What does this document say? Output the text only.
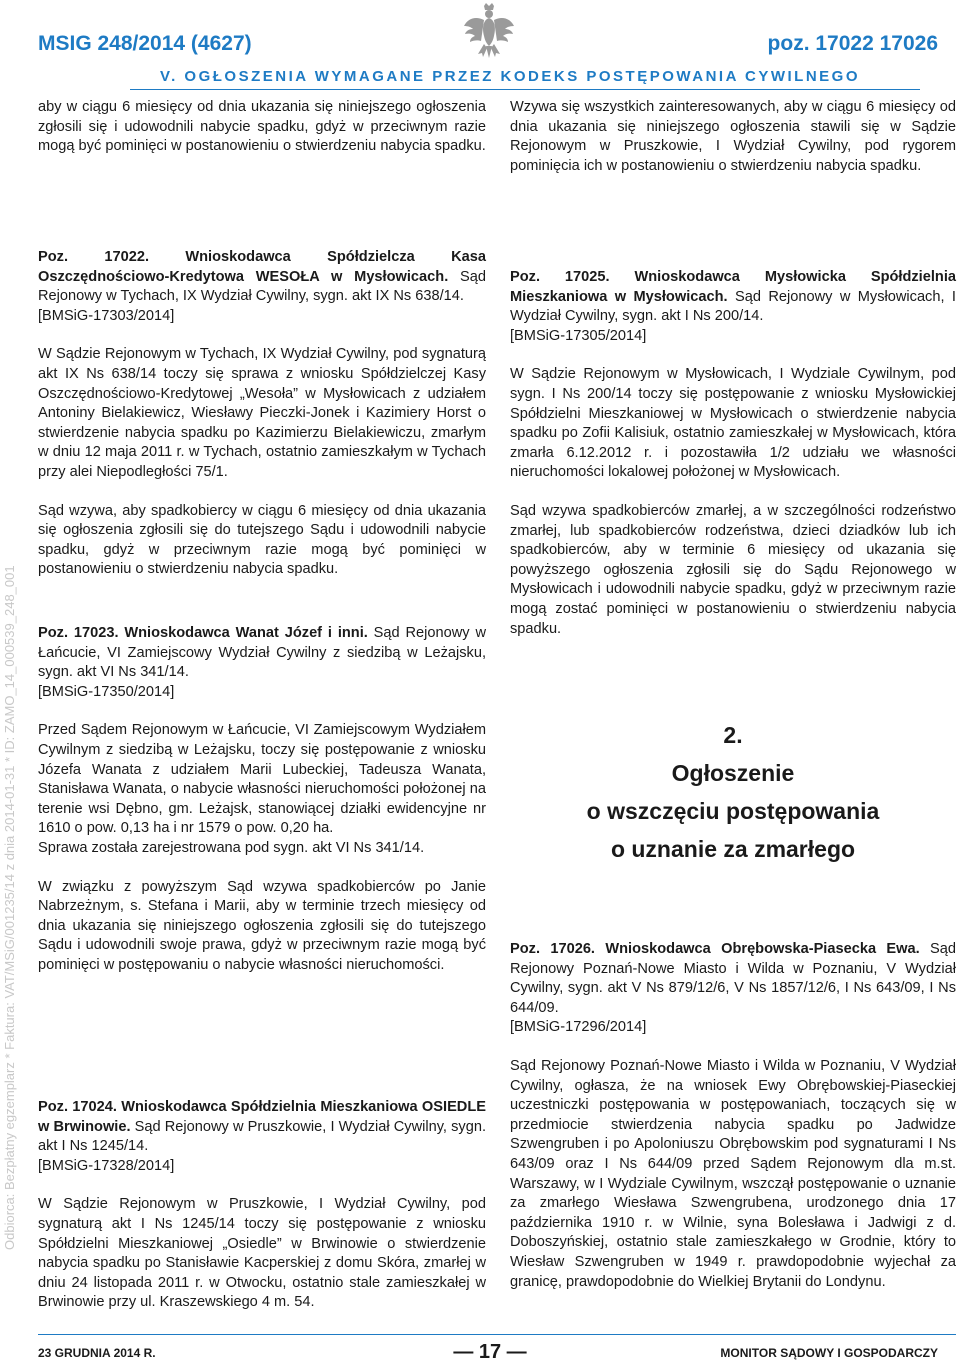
MSIG 248/2014 (4627)	poz. 17022 17026
V. OGŁOSZENIA WYMAGANE PRZEZ KODEKS POSTĘPOWANIA CYWILNEGO
Odbiorca: Bezpłatny egzemplarz * Faktura: VAT/MSiG/001235/14 z dnia 2014-01-31 * ID: ZAMO_14_000539_248_001

aby w ciągu 6 miesięcy od dnia ukazania się niniejszego ogłoszenia zgłosili się i udowodnili nabycie spadku, gdyż w przeciwnym razie mogą być pominięci w postanowieniu o stwierdzeniu nabycia spadku.

Poz. 17022. Wnioskodawca Spółdzielcza Kasa Oszczędnościowo-Kredytowa WESOŁA w Mysłowicach. Sąd Rejonowy w Tychach, IX Wydział Cywilny, sygn. akt IX Ns 638/14.

[BMSiG-17303/2014]

W Sądzie Rejonowym w Tychach, IX Wydział Cywilny, pod sygnaturą akt IX Ns 638/14 toczy się sprawa z wniosku Spółdzielczej Kasy Oszczędnościowo-Kredytowej „Wesoła” w Mysłowicach z udziałem Antoniny Bielakiewicz, Wiesławy Pieczki-Jonek i Kazimiery Horst o stwierdzenie nabycia spadku po Kazimierzu Bielakiewiczu, zmarłym w dniu 12 maja 2011 r. w Tychach, ostatnio zamieszkałym w Tychach przy alei Niepodległości 75/1.

Sąd wzywa, aby spadkobiercy w ciągu 6 miesięcy od dnia ukazania się ogłoszenia zgłosili się do tutejszego Sądu i udowodnili nabycie spadku, gdyż w przeciwnym razie mogą być pominięci w postanowieniu o stwierdzeniu nabycia spadku.

Poz. 17023. Wnioskodawca Wanat Józef i inni. Sąd Rejonowy w Łańcucie, VI Zamiejscowy Wydział Cywilny z siedzibą w Leżajsku, sygn. akt VI Ns 341/14.

[BMSiG-17350/2014]

Przed Sądem Rejonowym w Łańcucie, VI Zamiejscowym Wydziałem Cywilnym z siedzibą w Leżajsku, toczy się postępowanie z wniosku Józefa Wanata z udziałem Marii Lubeckiej, Tadeusza Wanata, Stanisława Wanata, o nabycie własności nieruchomości położonej na terenie wsi Dębno, gm. Leżajsk, stanowiącej działki ewidencyjne nr 1610 o pow. 0,13 ha i nr 1579 o pow. 0,20 ha.

Sprawa została zarejestrowana pod sygn. akt VI Ns 341/14.

W związku z powyższym Sąd wzywa spadkobierców po Janie Nabrzeżnym, s. Stefana i Marii, aby w terminie trzech miesięcy od dnia ukazania się niniejszego ogłoszenia zgłosili się do tutejszego Sądu i udowodnili swoje prawa, gdyż w przeciwnym razie mogą być pominięci w postępowaniu o nabycie własności nieruchomości.

Poz. 17024. Wnioskodawca Spółdzielnia Mieszkaniowa OSIEDLE w Brwinowie. Sąd Rejonowy w Pruszkowie, I Wydział Cywilny, sygn. akt I Ns 1245/14.

[BMSiG-17328/2014]

W Sądzie Rejonowym w Pruszkowie, I Wydział Cywilny, pod sygnaturą akt I Ns 1245/14 toczy się postępowanie z wniosku Spółdzielni Mieszkaniowej „Osiedle” w Brwinowie o stwierdzenie nabycia spadku po Stanisławie Kacperskiej z domu Skóra, zmarłej w dniu 24 listopada 2011 r. w Otwocku, ostatnio stale zamieszkałej w Brwinowie przy ul. Kraszewskiego 4 m. 54.

Wzywa się wszystkich zainteresowanych, aby w ciągu 6 miesięcy od dnia ukazania się niniejszego ogłoszenia stawili się w Sądzie Rejonowym w Pruszkowie, I Wydział Cywilny, pod rygorem pominięcia ich w postanowieniu o stwierdzeniu nabycia spadku.

Poz. 17025. Wnioskodawca Mysłowicka Spółdzielnia Mieszkaniowa w Mysłowicach. Sąd Rejonowy w Mysłowicach, I Wydział Cywilny, sygn. akt I Ns 200/14.

[BMSiG-17305/2014]

W Sądzie Rejonowym w Mysłowicach, I Wydziale Cywilnym, pod sygn. I Ns 200/14 toczy się postępowanie z wniosku Mysłowickiej Spółdzielni Mieszkaniowej w Mysłowicach o stwierdzenie nabycia spadku po Zofii Kalisiuk, ostatnio zamieszkałej w Mysłowicach, która zmarła 6.12.2012 r. i pozostawiła 1/2 udziału we własności nieruchomości lokalowej położonej w Mysłowicach.

Sąd wzywa spadkobierców zmarłej, a w szczególności rodzeństwo zmarłej, lub spadkobierców rodzeństwa, dzieci dziadków lub ich spadkobierców, aby w terminie 6 miesięcy od ukazania się powyższego ogłoszenia zgłosili się do Sądu Rejonowego w Mysłowicach i udowodnili nabycie spadku, gdyż w przeciwnym razie mogą zostać pominięci w postanowieniu o stwierdzeniu nabycia spadku.

2.
Ogłoszenie
o wszczęciu postępowania
o uznanie za zmarłego

Poz. 17026. Wnioskodawca Obrębowska-Piasecka Ewa. Sąd Rejonowy Poznań-Nowe Miasto i Wilda w Poznaniu, V Wydział Cywilny, sygn. akt V Ns 879/12/6, V Ns 1857/12/6, I Ns 643/09, I Ns 644/09.

[BMSiG-17296/2014]

Sąd Rejonowy Poznań-Nowe Miasto i Wilda w Poznaniu, V Wydział Cywilny, ogłasza, że na wniosek Ewy Obrębowskiej-Piaseckiej uczestniczki postępowania w postępowaniach, toczących się w przedmiocie stwierdzenia nabycia spadku po Jadwidze Szwengruben i po Apoloniuszu Obrębowskim pod sygnaturami I Ns 643/09 oraz I Ns 644/09 przed Sądem Rejonowym dla m.st. Warszawy, w I Wydziale Cywilnym, wszczął postępowanie o uznanie za zmarłego Wiesława Szwengrubena, urodzonego dnia 17 października 1910 r. w Wilnie, syna Bolesława i Jadwigi z d. Doboszyńskiej, ostatnio stale zamieszkałego w Grodnie, który to Wiesław Szwengruben w 1949 r. prawdopodobnie wyjechał za granicę, prawdopodobnie do Wielkiej Brytanii do Londynu.

23 GRUDNIA 2014 R.	— 17 —	MONITOR SĄDOWY I GOSPODARCZY
